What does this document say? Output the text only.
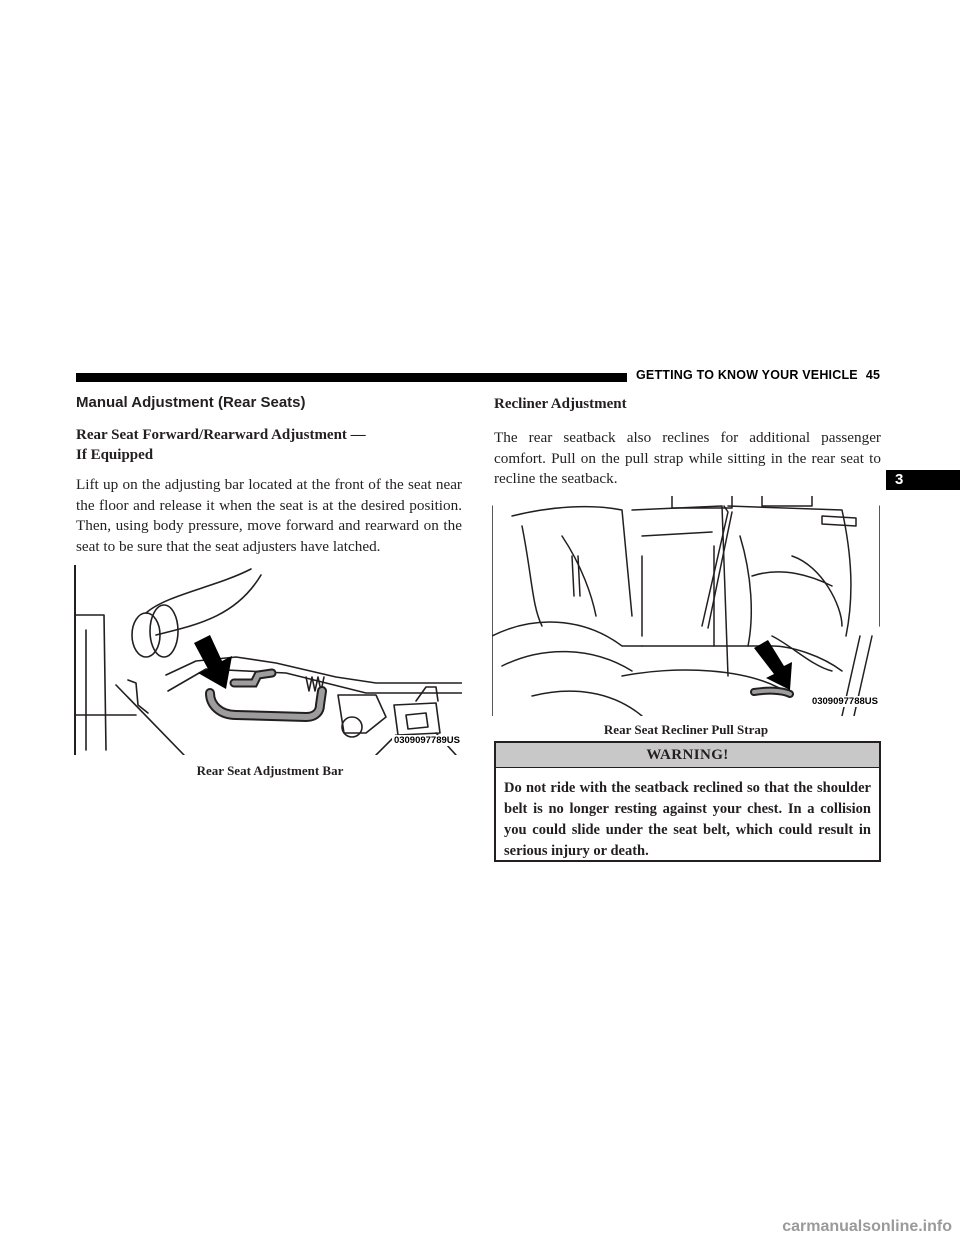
GETTING TO KNOW YOUR VEHICLE 45
3
Manual Adjustment (Rear Seats)
Rear Seat Forward/Rearward Adjustment —
If Equipped

Lift up on the adjusting bar located at the front of the seat near the floor and release it when the seat is at the desired position. Then, using body pressure, move forward and rearward on the seat to be sure that the seat adjusters have latched.

0309097789US
Rear Seat Adjustment Bar
Recliner Adjustment

The rear seatback also reclines for additional passenger comfort. Pull on the pull strap while sitting in the rear seat to recline the seatback.

0309097788US
Rear Seat Recliner Pull Strap
WARNING!

Do not ride with the seatback reclined so that the shoulder belt is no longer resting against your chest. In a collision you could slide under the seat belt, which could result in serious injury or death.

carmanualsonline.info
